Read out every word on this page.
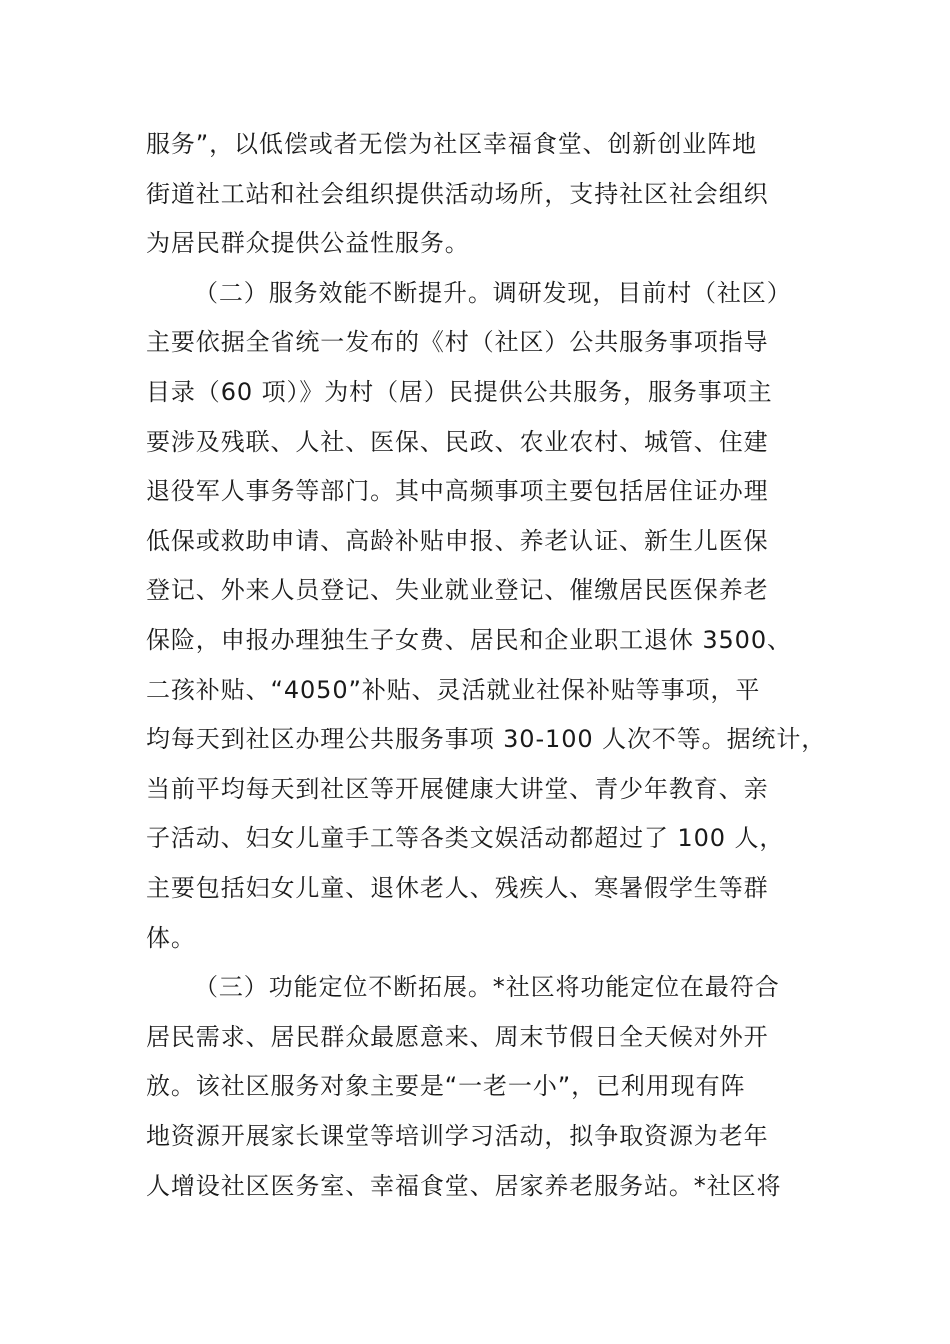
服务”，以低偿或者无偿为社区幸福食堂、创新创业阵地
街道社工站和社会组织提供活动场所，支持社区社会组织
为居民群众提供公益性服务。
（二）服务效能不断提升。调研发现，目前村（社区）
主要依据全省统一发布的《村（社区）公共服务事项指导
目录（60 项）》为村（居）民提供公共服务，服务事项主
要涉及残联、人社、医保、民政、农业农村、城管、住建
退役军人事务等部门。其中高频事项主要包括居住证办理
低保或救助申请、高龄补贴申报、养老认证、新生儿医保
登记、外来人员登记、失业就业登记、催缴居民医保养老
保险，申报办理独生子女费、居民和企业职工退休 3500、
二孩补贴、“4050”补贴、灵活就业社保补贴等事项，平
均每天到社区办理公共服务事项 30-100 人次不等。据统计，
当前平均每天到社区等开展健康大讲堂、青少年教育、亲
子活动、妇女儿童手工等各类文娱活动都超过了 100 人，
主要包括妇女儿童、退休老人、残疾人、寒暑假学生等群
体。
（三）功能定位不断拓展。*社区将功能定位在最符合
居民需求、居民群众最愿意来、周末节假日全天候对外开
放。该社区服务对象主要是“一老一小”，已利用现有阵
地资源开展家长课堂等培训学习活动，拟争取资源为老年
人增设社区医务室、幸福食堂、居家养老服务站。*社区将
